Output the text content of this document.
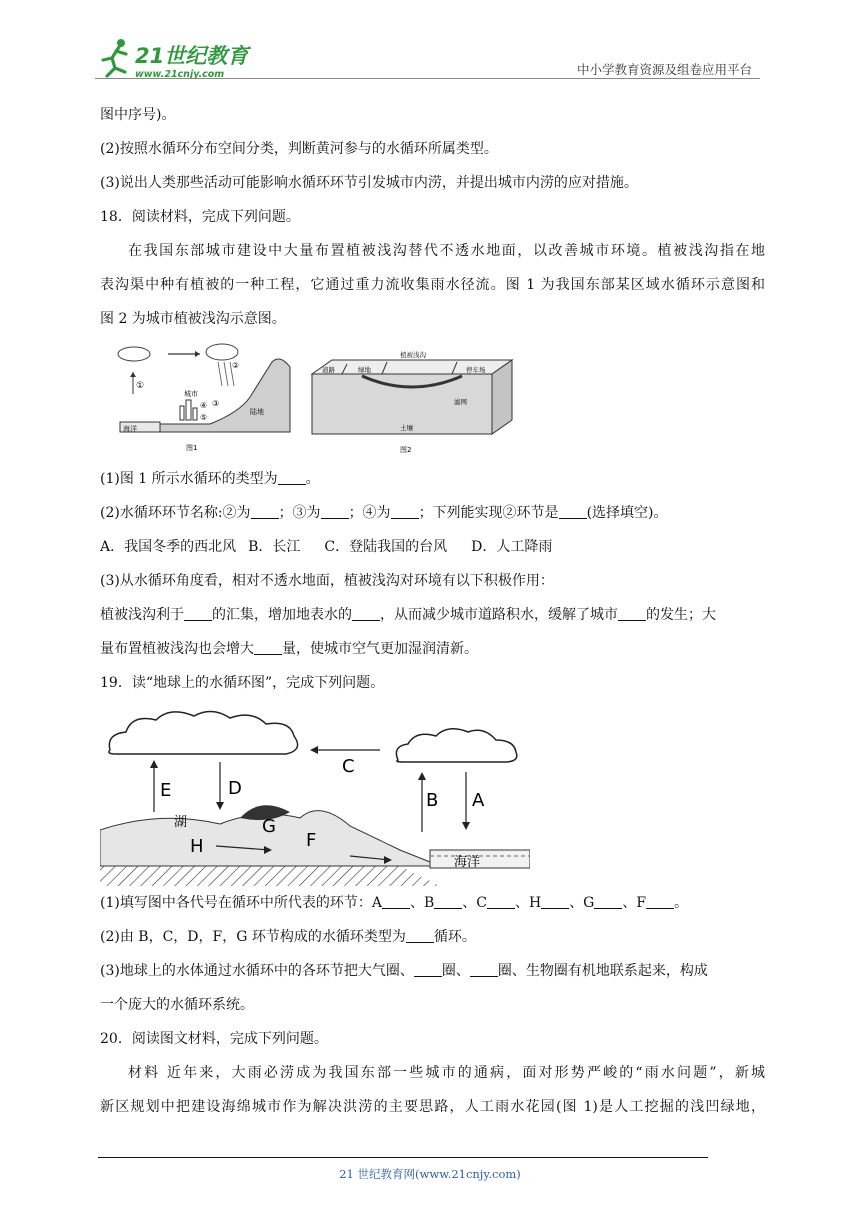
21世纪教育
www.21cnjy.com	中小学教育资源及组卷应用平台
图中序号)。
(2)按照水循环分布空间分类，判断黄河参与的水循环所属类型。
(3)说出人类那些活动可能影响水循环环节引发城市内涝，并提出城市内涝的应对措施。
18．阅读材料，完成下列问题。
在我国东部城市建设中大量布置植被浅沟替代不透水地面，以改善城市环境。植被浅沟指在地
表沟渠中种有植被的一种工程，它通过重力流收集雨水径流。图 1 为我国东部某区域水循环示意图和
图 2 为城市植被浅沟示意图。
①
海洋
城市
④ ③
⑤
②
陆地
图1
道路	绿地
植被浅沟
停车场
滤网
土壤
图2
(1)图 1 所示水循环的类型为 。
(2)水循环环节名称:②为 ；③为 ；④为 ；下列能实现②环节是 (选择填空)。
A．我国冬季的西北风 B．长江 C．登陆我国的台风 D．人工降雨
(3)从水循环角度看，相对不透水地面，植被浅沟对环境有以下积极作用：
植被浅沟利于 的汇集，增加地表水的 ，从而减少城市道路积水，缓解了城市 的发生；大
量布置植被浅沟也会增大 量，使城市空气更加湿润清新。
19．读“地球上的水循环图”，完成下列问题。
C
E	D
B A
湖	G
H	F
海洋
(1)填写图中各代号在循环中所代表的环节：A 、B 、C 、H 、G 、F 。
(2)由 B，C，D，F，G 环节构成的水循环类型为 循环。
(3)地球上的水体通过水循环中的各环节把大气圈、 圈、 圈、生物圈有机地联系起来，构成
一个庞大的水循环系统。
20．阅读图文材料，完成下列问题。
材料 近年来，大雨必涝成为我国东部一些城市的通病，面对形势严峻的“雨水问题”，新城
新区规划中把建设海绵城市作为解决洪涝的主要思路，人工雨水花园(图 1)是人工挖掘的浅凹绿地，
21 世纪教育网(www.21cnjy.com)
